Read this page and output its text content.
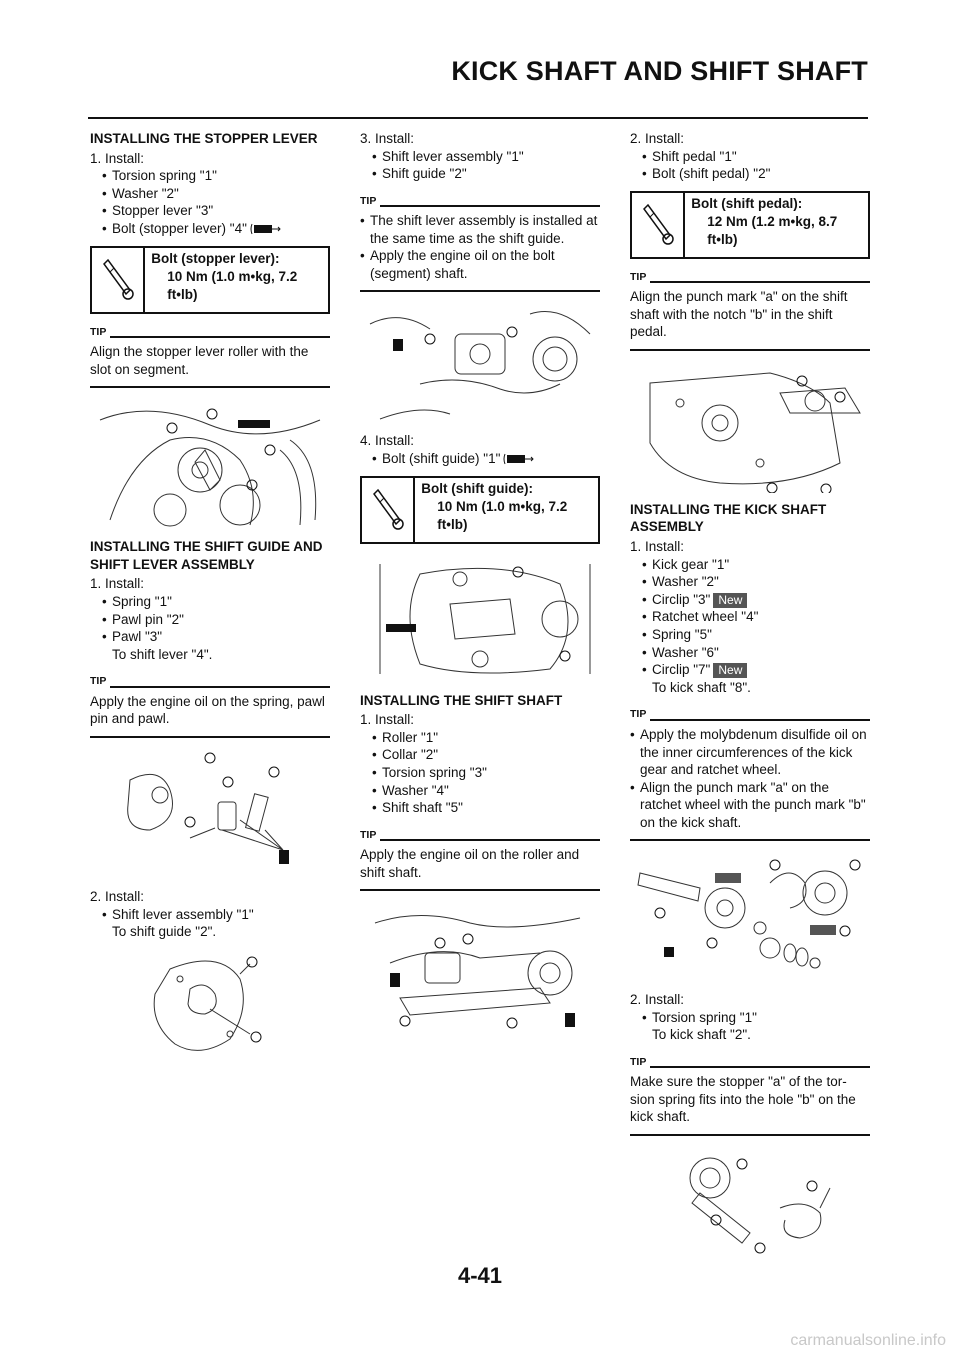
KICK SHAFT AND SHIFT SHAFT
INSTALLING THE STOPPER LEVER
1. Install:
• Torsion spring "1"
• Washer "2"
• Stopper lever "3"
• Bolt (stopper lever) "4"
Bolt (stopper lever):
10 Nm (1.0 m•kg, 7.2 ft•lb)
TIP
Align the stopper lever roller with the slot on segment.
INSTALLING THE SHIFT GUIDE AND SHIFT LEVER ASSEMBLY
1. Install:
• Spring "1"
• Pawl pin "2"
• Pawl "3"
To shift lever "4".
TIP
Apply the engine oil on the spring, pawl pin and pawl.
2. Install:
• Shift lever assembly "1"
To shift guide "2".
3. Install:
• Shift lever assembly "1"
• Shift guide "2"
TIP
• The shift lever assembly is installed at the same time as the shift guide.
• Apply the engine oil on the bolt (segment) shaft.
4. Install:
• Bolt (shift guide) "1"
Bolt (shift guide):
10 Nm (1.0 m•kg, 7.2 ft•lb)
INSTALLING THE SHIFT SHAFT
1. Install:
• Roller "1"
• Collar "2"
• Torsion spring "3"
• Washer "4"
• Shift shaft "5"
TIP
Apply the engine oil on the roller and shift shaft.
2. Install:
• Shift pedal "1"
• Bolt (shift pedal) "2"
Bolt (shift pedal):
12 Nm (1.2 m•kg, 8.7 ft•lb)
TIP
Align the punch mark "a" on the shift shaft with the notch "b" in the shift pedal.
INSTALLING THE KICK SHAFT ASSEMBLY
1. Install:
• Kick gear "1"
• Washer "2"
• Circlip "3" New
• Ratchet wheel "4"
• Spring "5"
• Washer "6"
• Circlip "7" New
To kick shaft "8".
TIP
• Apply the molybdenum disulfide oil on the inner circumferences of the kick gear and ratchet wheel.
• Align the punch mark "a" on the ratchet wheel with the punch mark "b" on the kick shaft.
2. Install:
• Torsion spring "1"
To kick shaft "2".
TIP
Make sure the stopper "a" of the tor- sion spring fits into the hole "b" on the kick shaft.
4-41
carmanualsonline.info
